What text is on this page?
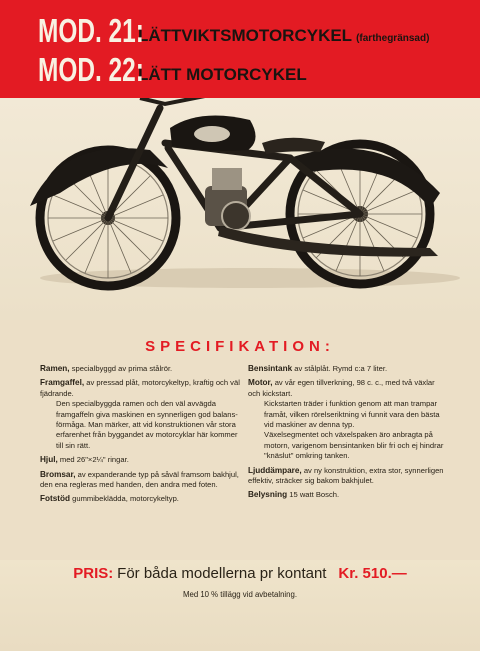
MOD. 21:LÄTTVIKTSMOTORCYKEL (farthegränsad)
MOD. 22:LÄTT MOTORCYKEL
SPECIFIKATION:
Ramen, specialbyggd av prima stålrör.
Framgaffel, av pressad plåt, motorcykeltyp, kraftig och väl fjädrande.
Den specialbyggda ramen och den väl avvägda framgaffeln giva maskinen en synnerligen god balans-förmåga. Man märker, att vid konstruktionen vår stora erfarenhet från byggandet av motorcyklar här kommer till sin rätt.
Hjul, med 26"×2¼" ringar.
Bromsar, av expanderande typ på såväl framsom bakhjul, den ena regleras med handen, den andra med foten.
Fotstöd gummibeklädda, motorcykeltyp.
Bensintank av stålplåt. Rymd c:a 7 liter.
Motor, av vår egen tillverkning, 98 c. c., med två växlar och kickstart.
Kickstarten träder i funktion genom att man trampar framåt, vilken rörelseriktning vi funnit vara den bästa vid maskiner av denna typ.
Växelsegmentet och växelspaken äro anbragta på motorn, varigenom bensintanken blir fri och ej hindrar "knäslut" omkring tanken.
Ljuddämpare, av ny konstruktion, extra stor, synnerligen effektiv, sträcker sig bakom bakhjulet.
Belysning 15 watt Bosch.
PRIS: För båda modellerna pr kontant Kr. 510.—
Med 10 % tillägg vid avbetalning.
